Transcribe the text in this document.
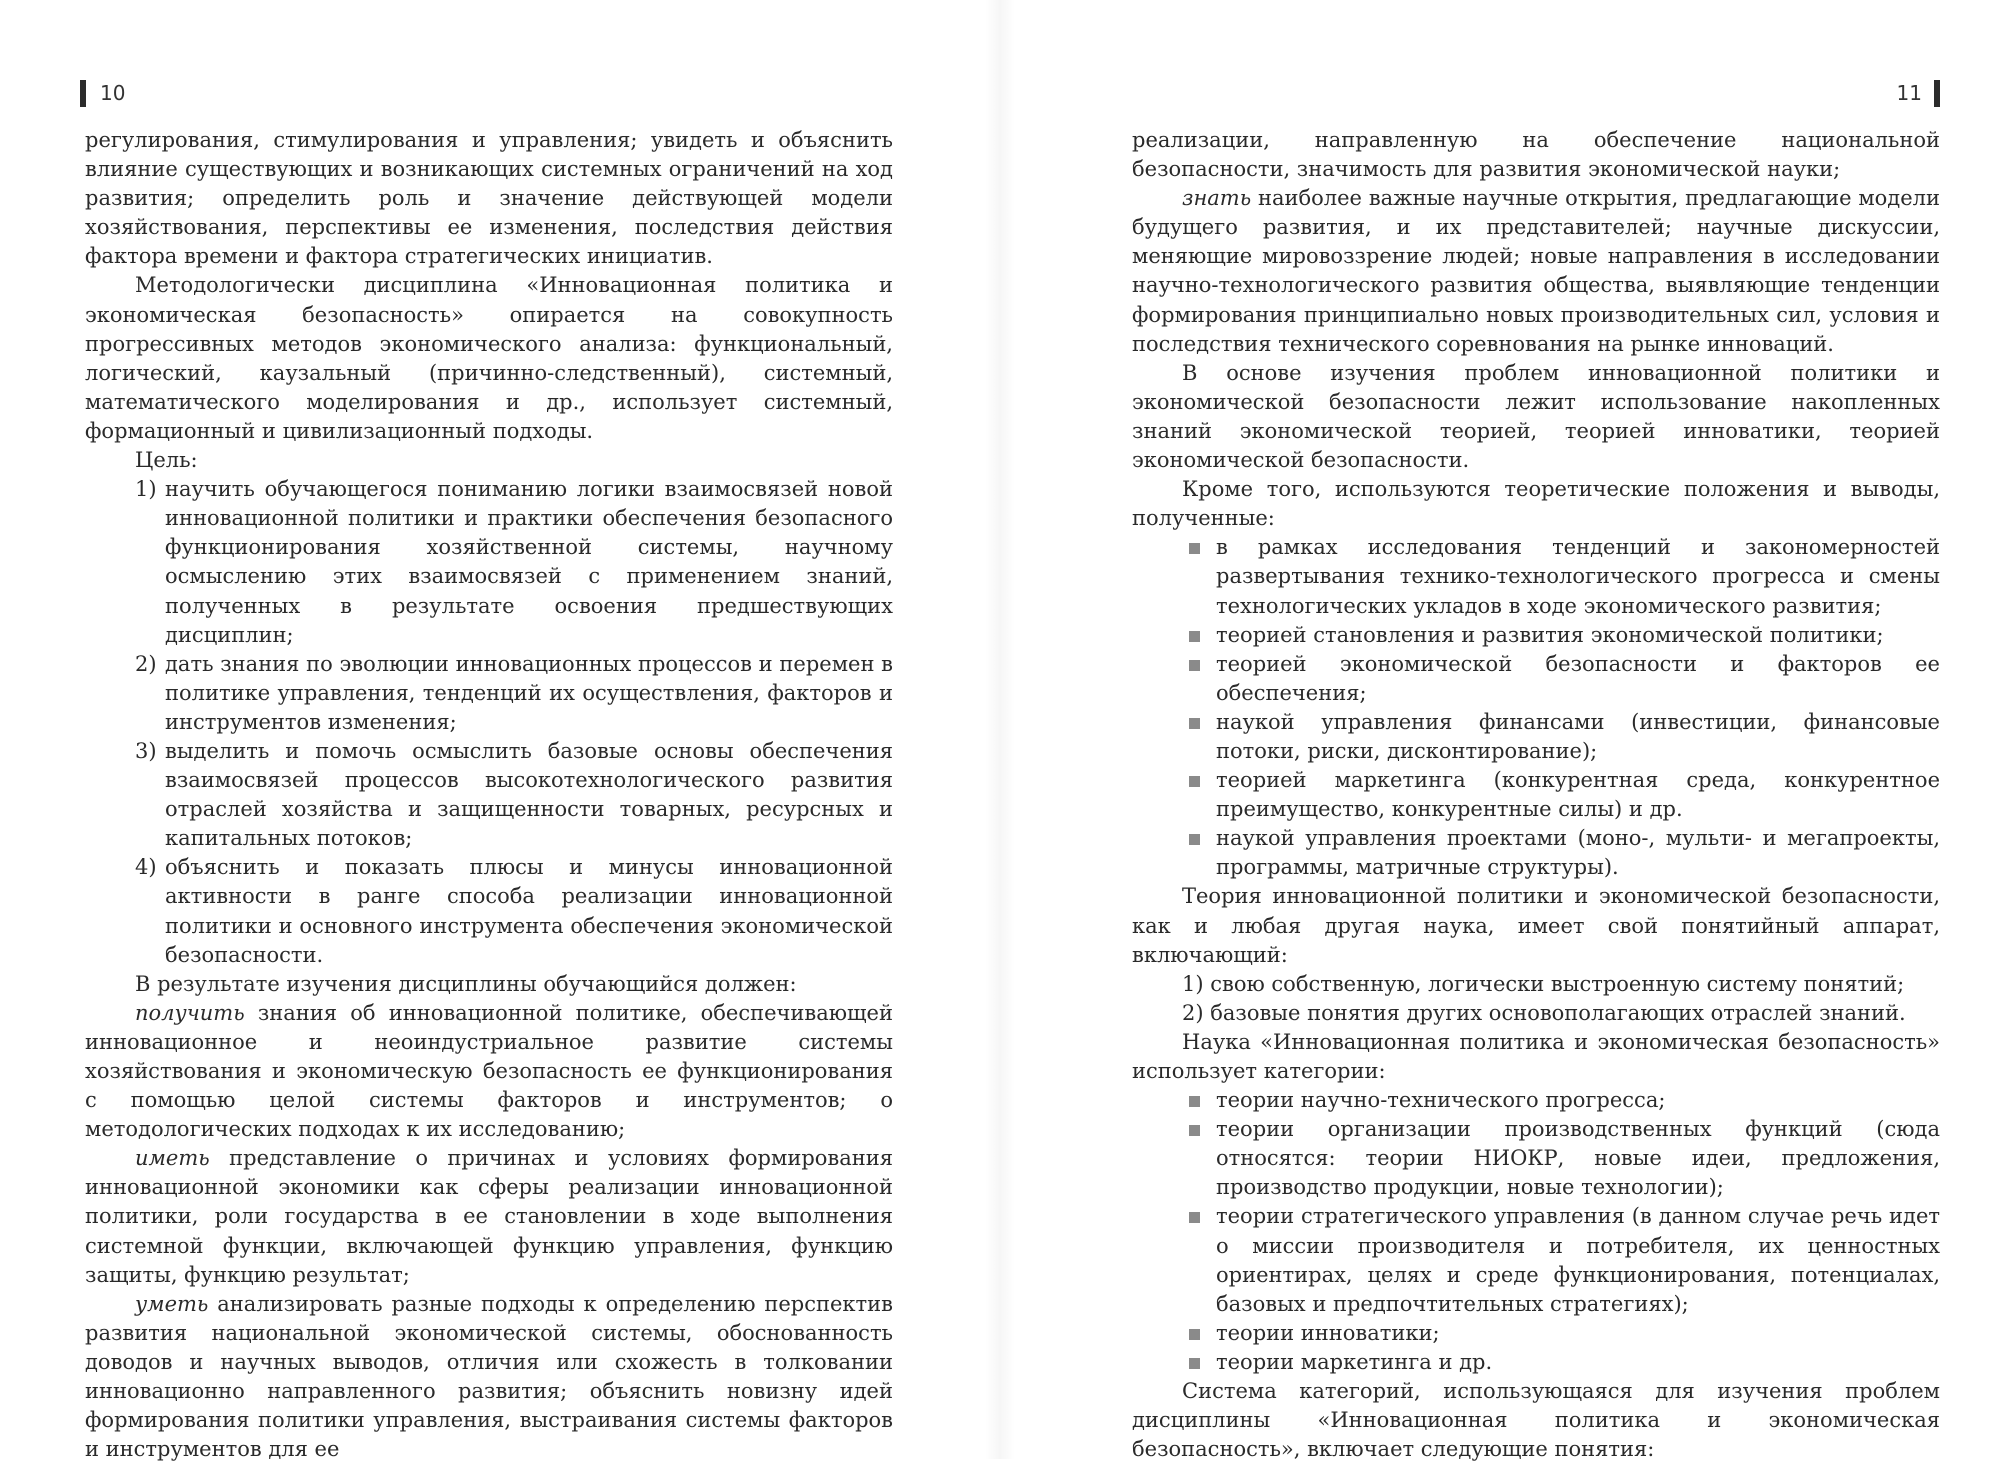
10

регулирования, стимулирования и управления; увидеть и объяснить влияние существующих и возникающих системных ограничений на ход развития; определить роль и значение действующей модели хозяйствования, перспективы ее изменения, последствия действия фактора времени и фактора стратегических инициатив.

Методологически дисциплина «Инновационная политика и экономическая безопасность» опирается на совокупность прогрессивных методов экономического анализа: функциональный, логический, каузальный (причинно-следственный), системный, математического моделирования и др., использует системный, формационный и цивилизационный подходы.

Цель:

1) научить обучающегося пониманию логики взаимосвязей новой инновационной политики и практики обеспечения безопасного функционирования хозяйственной системы, научному осмыслению этих взаимосвязей с применением знаний, полученных в результате освоения предшествующих дисциплин;
2) дать знания по эволюции инновационных процессов и перемен в политике управления, тенденций их осуществления, факторов и инструментов изменения;
3) выделить и помочь осмыслить базовые основы обеспечения взаимосвязей процессов высокотехнологического развития отраслей хозяйства и защищенности товарных, ресурсных и капитальных потоков;
4) объяснить и показать плюсы и минусы инновационной активности в ранге способа реализации инновационной политики и основного инструмента обеспечения экономической безопасности.

В результате изучения дисциплины обучающийся должен:

получить знания об инновационной политике, обеспечивающей инновационное и неоиндустриальное развитие системы хозяйствования и экономическую безопасность ее функционирования с помощью целой системы факторов и инструментов; о методологических подходах к их исследованию;

иметь представление о причинах и условиях формирования инновационной экономики как сферы реализации инновационной политики, роли государства в ее становлении в ходе выполнения системной функции, включающей функцию управления, функцию защиты, функцию результат;

уметь анализировать разные подходы к определению перспектив развития национальной экономической системы, обоснованность доводов и научных выводов, отличия или схожесть в толковании инновационно направленного развития; объяснить новизну идей формирования политики управления, выстраивания системы факторов и инструментов для ее

11

реализации, направленную на обеспечение национальной безопасности, значимость для развития экономической науки;

знать наиболее важные научные открытия, предлагающие модели будущего развития, и их представителей; научные дискуссии, меняющие мировоззрение людей; новые направления в исследовании научно-технологического развития общества, выявляющие тенденции формирования принципиально новых производительных сил, условия и последствия технического соревнования на рынке инноваций.

В основе изучения проблем инновационной политики и экономической безопасности лежит использование накопленных знаний экономической теорией, теорией инноватики, теорией экономической безопасности.

Кроме того, используются теоретические положения и выводы, полученные:

в рамках исследования тенденций и закономерностей развертывания технико-технологического прогресса и смены технологических укладов в ходе экономического развития;
теорией становления и развития экономической политики;
теорией экономической безопасности и факторов ее обеспечения;
наукой управления финансами (инвестиции, финансовые потоки, риски, дисконтирование);
теорией маркетинга (конкурентная среда, конкурентное преимущество, конкурентные силы) и др.
наукой управления проектами (моно-, мульти- и мегапроекты, программы, матричные структуры).

Теория инновационной политики и экономической безопасности, как и любая другая наука, имеет свой понятийный аппарат, включающий:

1) свою собственную, логически выстроенную систему понятий;

2) базовые понятия других основополагающих отраслей знаний.

Наука «Инновационная политика и экономическая безопасность» использует категории:

теории научно-технического прогресса;
теории организации производственных функций (сюда относятся: теории НИОКР, новые идеи, предложения, производство продукции, новые технологии);
теории стратегического управления (в данном случае речь идет о миссии производителя и потребителя, их ценностных ориентирах, целях и среде функционирования, потенциалах, базовых и предпочтительных стратегиях);
теории инноватики;
теории маркетинга и др.

Система категорий, использующаяся для изучения проблем дисциплины «Инновационная политика и экономическая безопасность», включает следующие понятия:
